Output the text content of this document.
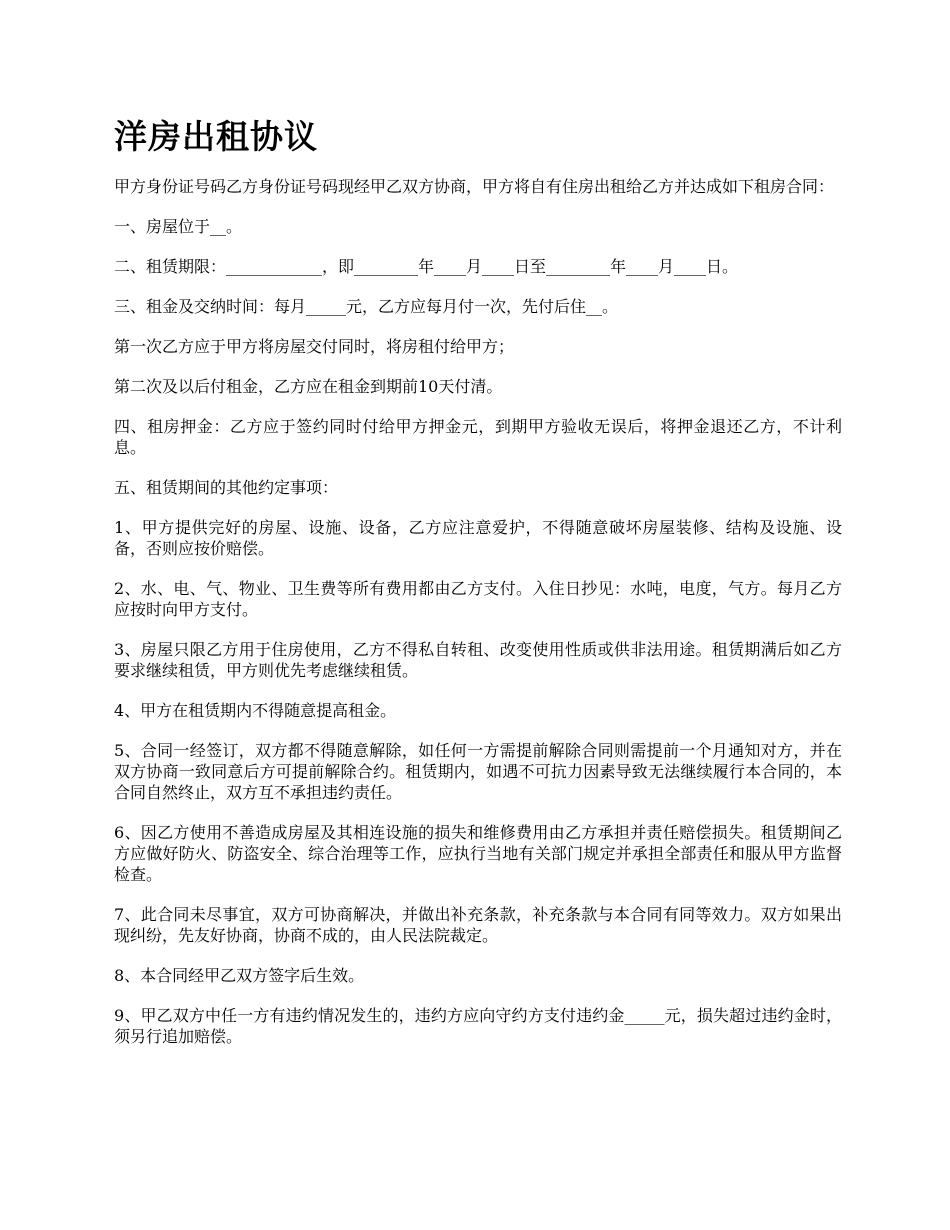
洋房出租协议

甲方身份证号码乙方身份证号码现经甲乙双方协商，甲方将自有住房出租给乙方并达成如下租房合同：

一、房屋位于__。

二、租赁期限：____________，即________年____月____日至________年____月____日。

三、租金及交纳时间：每月_____元，乙方应每月付一次，先付后住__。

第一次乙方应于甲方将房屋交付同时，将房租付给甲方；

第二次及以后付租金，乙方应在租金到期前10天付清。

四、租房押金：乙方应于签约同时付给甲方押金元，到期甲方验收无误后，将押金退还乙方，不计利息。

五、租赁期间的其他约定事项：

1、甲方提供完好的房屋、设施、设备，乙方应注意爱护，不得随意破坏房屋装修、结构及设施、设备，否则应按价赔偿。

2、水、电、气、物业、卫生费等所有费用都由乙方支付。入住日抄见：水吨，电度，气方。每月乙方应按时向甲方支付。

3、房屋只限乙方用于住房使用，乙方不得私自转租、改变使用性质或供非法用途。租赁期满后如乙方要求继续租赁，甲方则优先考虑继续租赁。

4、甲方在租赁期内不得随意提高租金。

5、合同一经签订，双方都不得随意解除，如任何一方需提前解除合同则需提前一个月通知对方，并在双方协商一致同意后方可提前解除合约。租赁期内，如遇不可抗力因素导致无法继续履行本合同的，本合同自然终止，双方互不承担违约责任。

6、因乙方使用不善造成房屋及其相连设施的损失和维修费用由乙方承担并责任赔偿损失。租赁期间乙方应做好防火、防盗安全、综合治理等工作，应执行当地有关部门规定并承担全部责任和服从甲方监督检查。

7、此合同未尽事宜，双方可协商解决，并做出补充条款，补充条款与本合同有同等效力。双方如果出现纠纷，先友好协商，协商不成的，由人民法院裁定。

8、本合同经甲乙双方签字后生效。

9、甲乙双方中任一方有违约情况发生的，违约方应向守约方支付违约金_____元，损失超过违约金时，须另行追加赔偿。
